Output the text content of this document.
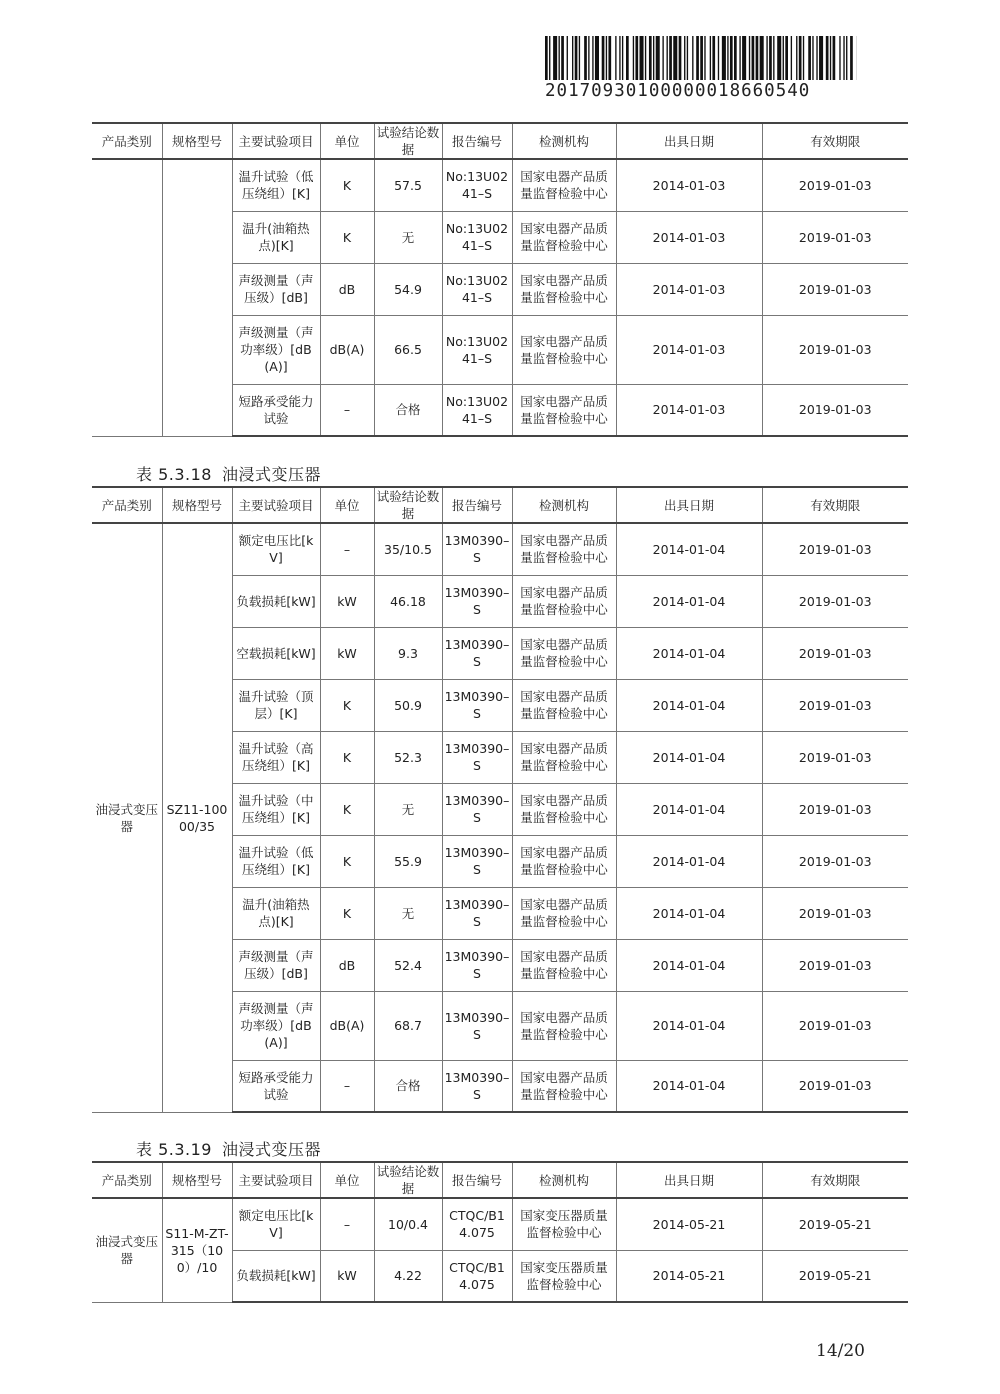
20170930100000018660540
产品类别	规格型号	主要试验项目	单位	试验结论数据	报告编号	检测机构	出具日期	有效期限
		温升试验（低压绕组）[K]	K	57.5	No:13U0241–S	国家电器产品质量监督检验中心	2014-01-03	2019-01-03
		温升(油箱热点)[K]	K	无	No:13U0241–S	国家电器产品质量监督检验中心	2014-01-03	2019-01-03
		声级测量（声压级）[dB]	dB	54.9	No:13U0241–S	国家电器产品质量监督检验中心	2014-01-03	2019-01-03
		声级测量（声功率级）[dB(A)]	dB(A)	66.5	No:13U0241–S	国家电器产品质量监督检验中心	2014-01-03	2019-01-03
		短路承受能力试验	–	合格	No:13U0241–S	国家电器产品质量监督检验中心	2014-01-03	2019-01-03
表 5.3.18 油浸式变压器
产品类别	规格型号	主要试验项目	单位	试验结论数据	报告编号	检测机构	出具日期	有效期限
油浸式变压器	SZ11-10000/35	额定电压比[kV]	–	35/10.5	13M0390–S	国家电器产品质量监督检验中心	2014-01-04	2019-01-03
		负载损耗[kW]	kW	46.18	13M0390–S	国家电器产品质量监督检验中心	2014-01-04	2019-01-03
		空载损耗[kW]	kW	9.3	13M0390–S	国家电器产品质量监督检验中心	2014-01-04	2019-01-03
		温升试验（顶层）[K]	K	50.9	13M0390–S	国家电器产品质量监督检验中心	2014-01-04	2019-01-03
		温升试验（高压绕组）[K]	K	52.3	13M0390–S	国家电器产品质量监督检验中心	2014-01-04	2019-01-03
		温升试验（中压绕组）[K]	K	无	13M0390–S	国家电器产品质量监督检验中心	2014-01-04	2019-01-03
		温升试验（低压绕组）[K]	K	55.9	13M0390–S	国家电器产品质量监督检验中心	2014-01-04	2019-01-03
		温升(油箱热点)[K]	K	无	13M0390–S	国家电器产品质量监督检验中心	2014-01-04	2019-01-03
		声级测量（声压级）[dB]	dB	52.4	13M0390–S	国家电器产品质量监督检验中心	2014-01-04	2019-01-03
		声级测量（声功率级）[dB(A)]	dB(A)	68.7	13M0390–S	国家电器产品质量监督检验中心	2014-01-04	2019-01-03
		短路承受能力试验	–	合格	13M0390–S	国家电器产品质量监督检验中心	2014-01-04	2019-01-03
表 5.3.19 油浸式变压器
产品类别	规格型号	主要试验项目	单位	试验结论数据	报告编号	检测机构	出具日期	有效期限
油浸式变压器	S11-M-ZT-315（100）/10	额定电压比[kV]	–	10/0.4	CTQC/B14.075	国家变压器质量监督检验中心	2014-05-21	2019-05-21
		负载损耗[kW]	kW	4.22	CTQC/B14.075	国家变压器质量监督检验中心	2014-05-21	2019-05-21
14/20
